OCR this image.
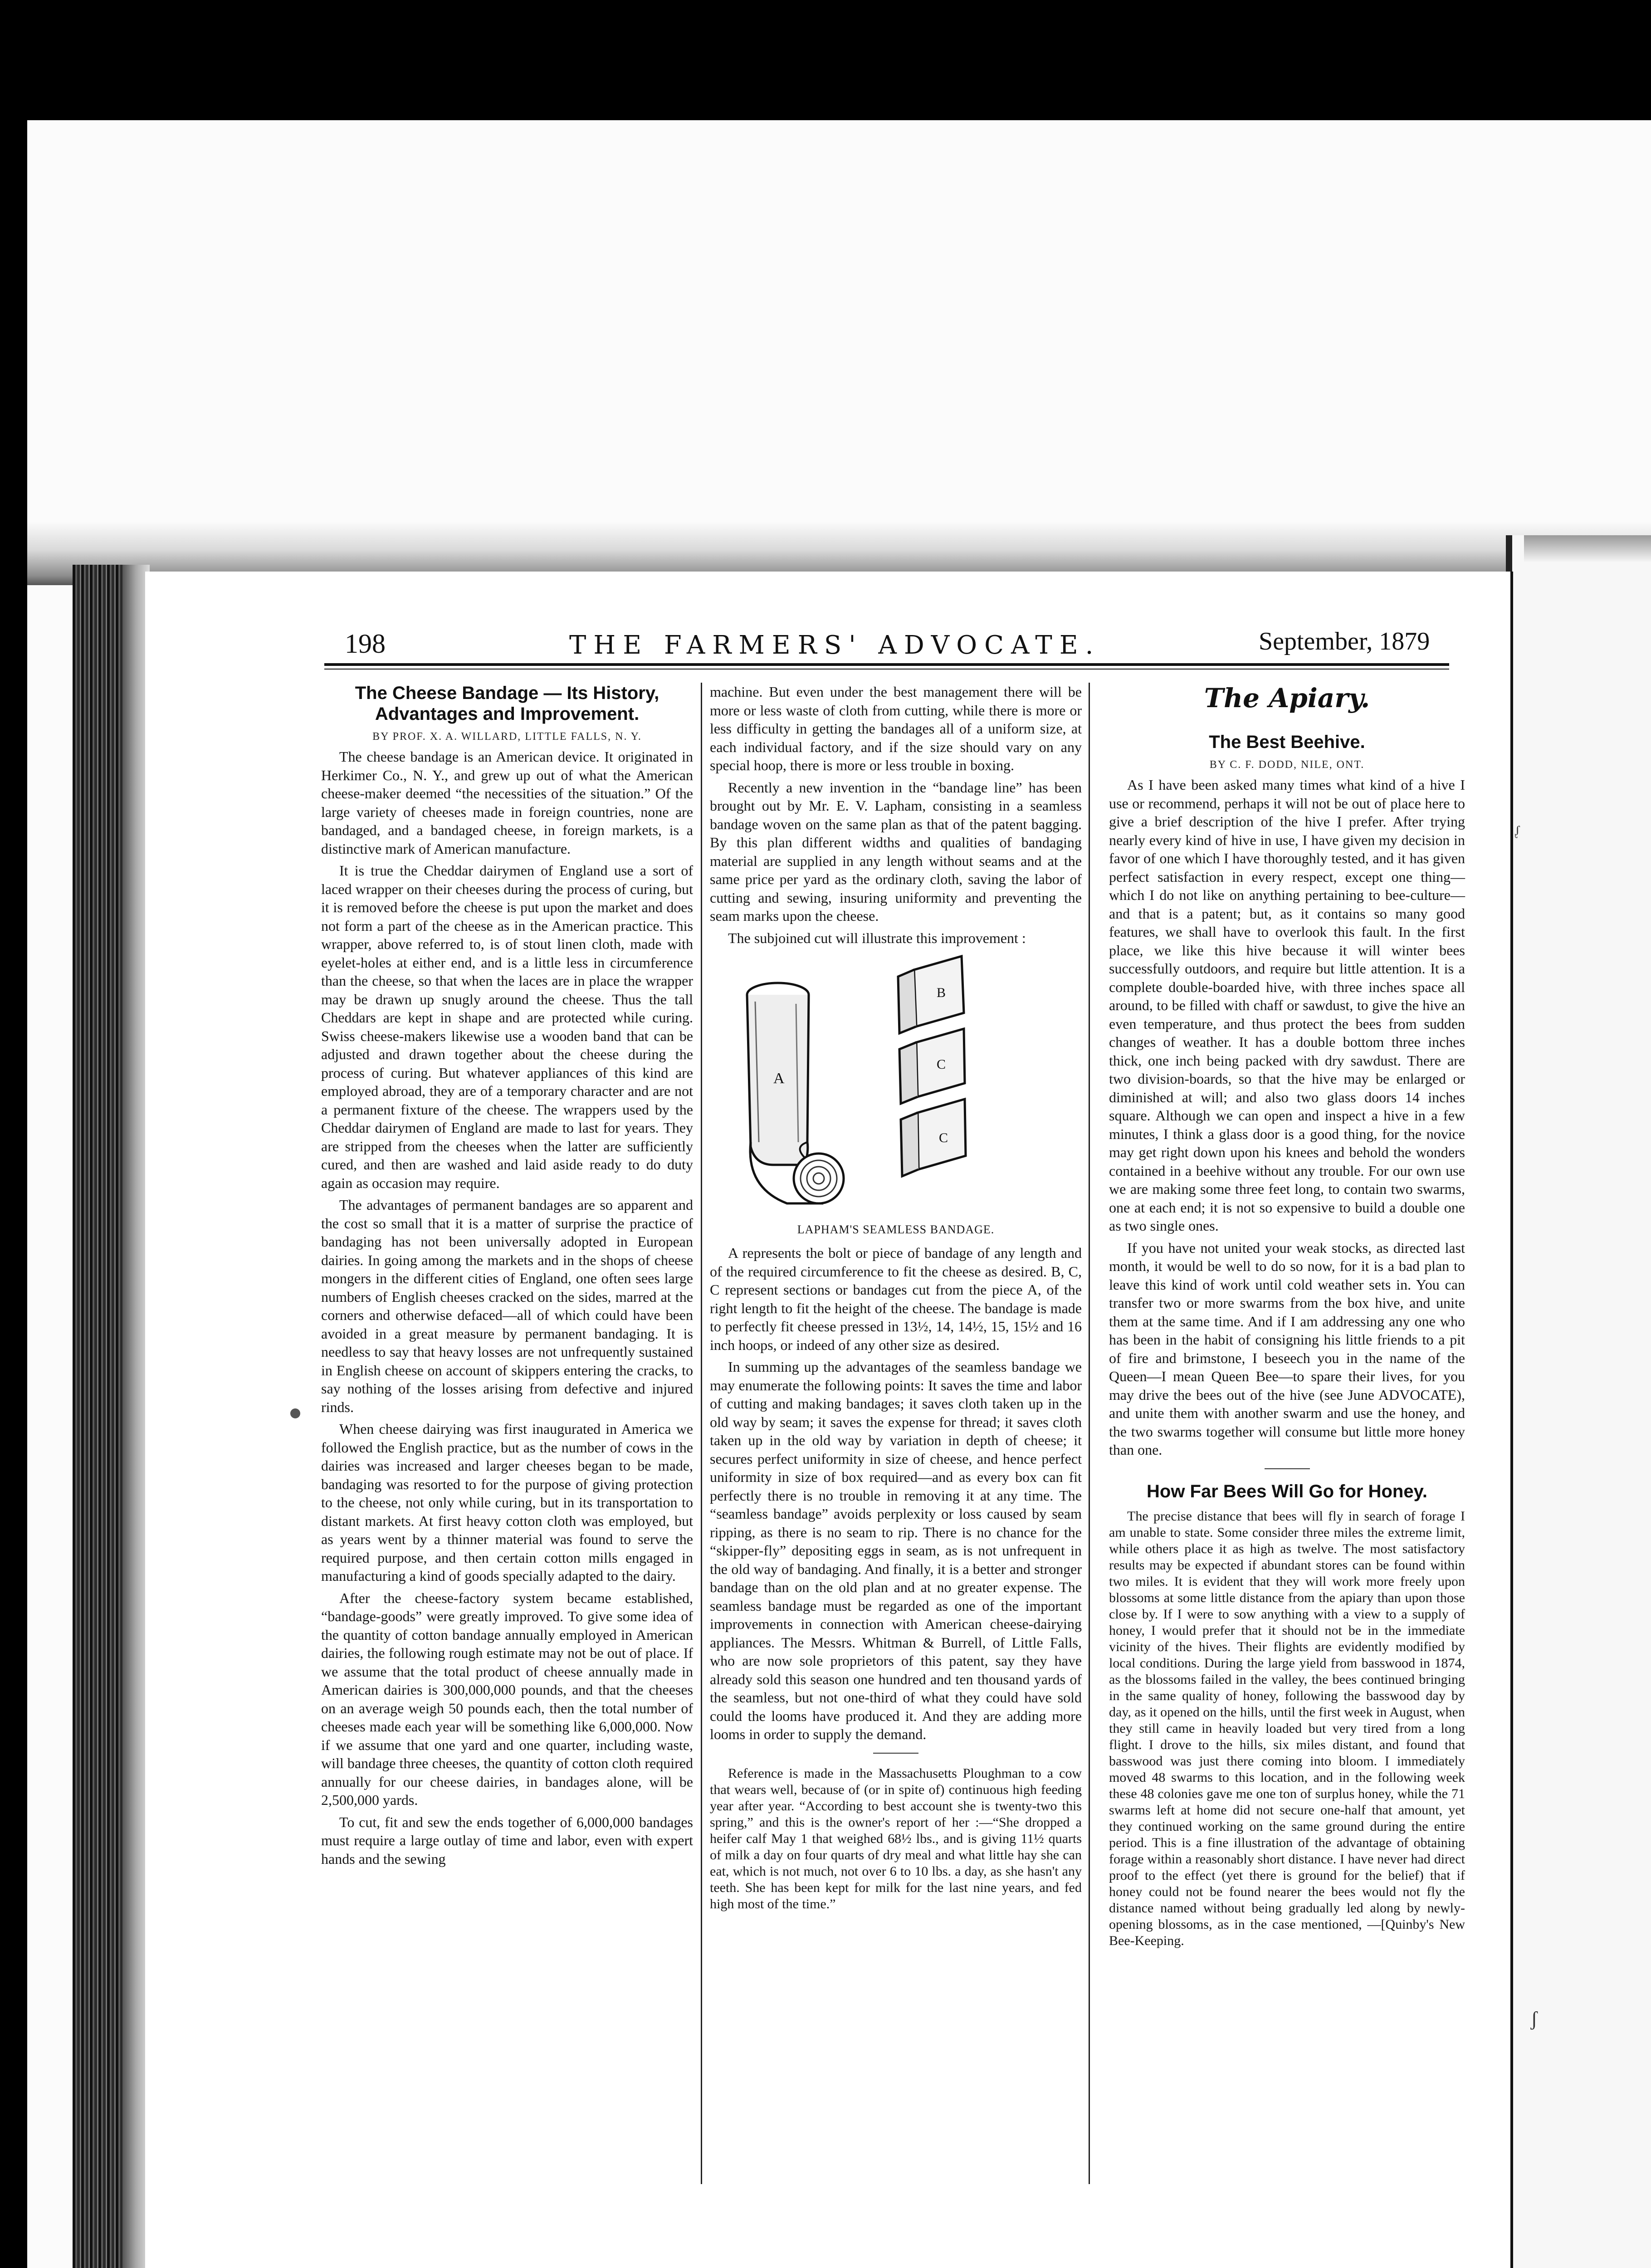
198	THE FARMERS' ADVOCATE.	September, 1879
The Cheese Bandage — Its History, Advantages and Improvement.
BY PROF. X. A. WILLARD, LITTLE FALLS, N. Y.

The cheese bandage is an American device. It originated in Herkimer Co., N. Y., and grew up out of what the American cheese-maker deemed “the necessities of the situation.” Of the large variety of cheeses made in foreign countries, none are bandaged, and a bandaged cheese, in foreign markets, is a distinctive mark of American manufacture.

It is true the Cheddar dairymen of England use a sort of laced wrapper on their cheeses during the process of curing, but it is removed before the cheese is put upon the market and does not form a part of the cheese as in the American practice. This wrapper, above referred to, is of stout linen cloth, made with eyelet-holes at either end, and is a little less in circumference than the cheese, so that when the laces are in place the wrapper may be drawn up snugly around the cheese. Thus the tall Cheddars are kept in shape and are protected while curing. Swiss cheese-makers likewise use a wooden band that can be adjusted and drawn together about the cheese during the process of curing. But whatever appliances of this kind are employed abroad, they are of a temporary character and are not a permanent fixture of the cheese. The wrappers used by the Cheddar dairymen of England are made to last for years. They are stripped from the cheeses when the latter are sufficiently cured, and then are washed and laid aside ready to do duty again as occasion may require.

The advantages of permanent bandages are so apparent and the cost so small that it is a matter of surprise the practice of bandaging has not been universally adopted in European dairies. In going among the markets and in the shops of cheese mongers in the different cities of England, one often sees large numbers of English cheeses cracked on the sides, marred at the corners and otherwise defaced—all of which could have been avoided in a great measure by permanent bandaging. It is needless to say that heavy losses are not unfrequently sustained in English cheese on account of skippers entering the cracks, to say nothing of the losses arising from defective and injured rinds.

When cheese dairying was first inaugurated in America we followed the English practice, but as the number of cows in the dairies was increased and larger cheeses began to be made, bandaging was resorted to for the purpose of giving protection to the cheese, not only while curing, but in its transportation to distant markets. At first heavy cotton cloth was employed, but as years went by a thinner material was found to serve the required purpose, and then certain cotton mills engaged in manufacturing a kind of goods specially adapted to the dairy.

After the cheese-factory system became established, “bandage-goods” were greatly improved. To give some idea of the quantity of cotton bandage annually employed in American dairies, the following rough estimate may not be out of place. If we assume that the total product of cheese annually made in American dairies is 300,000,000 pounds, and that the cheeses on an average weigh 50 pounds each, then the total number of cheeses made each year will be something like 6,000,000. Now if we assume that one yard and one quarter, including waste, will bandage three cheeses, the quantity of cotton cloth required annually for our cheese dairies, in bandages alone, will be 2,500,000 yards.

To cut, fit and sew the ends together of 6,000,000 bandages must require a large outlay of time and labor, even with expert hands and the sewing

machine. But even under the best management there will be more or less waste of cloth from cutting, while there is more or less difficulty in getting the bandages all of a uniform size, at each individual factory, and if the size should vary on any special hoop, there is more or less trouble in boxing.

Recently a new invention in the “bandage line” has been brought out by Mr. E. V. Lapham, consisting in a seamless bandage woven on the same plan as that of the patent bagging. By this plan different widths and qualities of bandaging material are supplied in any length without seams and at the same price per yard as the ordinary cloth, saving the labor of cutting and sewing, insuring uniformity and preventing the seam marks upon the cheese.

The subjoined cut will illustrate this improvement :

A
B
C
C
LAPHAM'S SEAMLESS BANDAGE.

A represents the bolt or piece of bandage of any length and of the required circumference to fit the cheese as desired. B, C, C represent sections or bandages cut from the piece A, of the right length to fit the height of the cheese. The bandage is made to perfectly fit cheese pressed in 13½, 14, 14½, 15, 15½ and 16 inch hoops, or indeed of any other size as desired.

In summing up the advantages of the seamless bandage we may enumerate the following points: It saves the time and labor of cutting and making bandages; it saves cloth taken up in the old way by seam; it saves the expense for thread; it saves cloth taken up in the old way by variation in depth of cheese; it secures perfect uniformity in size of cheese, and hence perfect uniformity in size of box required—and as every box can fit perfectly there is no trouble in removing it at any time. The “seamless bandage” avoids perplexity or loss caused by seam ripping, as there is no seam to rip. There is no chance for the “skipper-fly” depositing eggs in seam, as is not unfrequent in the old way of bandaging. And finally, it is a better and stronger bandage than on the old plan and at no greater expense. The seamless bandage must be regarded as one of the important improvements in connection with American cheese-dairying appliances. The Messrs. Whitman & Burrell, of Little Falls, who are now sole proprietors of this patent, say they have already sold this season one hundred and ten thousand yards of the seamless, but not one-third of what they could have sold could the looms have produced it. And they are adding more looms in order to supply the demand.

Reference is made in the Massachusetts Ploughman to a cow that wears well, because of (or in spite of) continuous high feeding year after year. “According to best account she is twenty-two this spring,” and this is the owner's report of her :—“She dropped a heifer calf May 1 that weighed 68½ lbs., and is giving 11½ quarts of milk a day on four quarts of dry meal and what little hay she can eat, which is not much, not over 6 to 10 lbs. a day, as she hasn't any teeth. She has been kept for milk for the last nine years, and fed high most of the time.”

The Apiary.
The Best Beehive.
BY C. F. DODD, NILE, ONT.

As I have been asked many times what kind of a hive I use or recommend, perhaps it will not be out of place here to give a brief description of the hive I prefer. After trying nearly every kind of hive in use, I have given my decision in favor of one which I have thoroughly tested, and it has given perfect satisfaction in every respect, except one thing—which I do not like on anything pertaining to bee-culture—and that is a patent; but, as it contains so many good features, we shall have to overlook this fault. In the first place, we like this hive because it will winter bees successfully outdoors, and require but little attention. It is a complete double-boarded hive, with three inches space all around, to be filled with chaff or sawdust, to give the hive an even temperature, and thus protect the bees from sudden changes of weather. It has a double bottom three inches thick, one inch being packed with dry sawdust. There are two division-boards, so that the hive may be enlarged or diminished at will; and also two glass doors 14 inches square. Although we can open and inspect a hive in a few minutes, I think a glass door is a good thing, for the novice may get right down upon his knees and behold the wonders contained in a beehive without any trouble. For our own use we are making some three feet long, to contain two swarms, one at each end; it is not so expensive to build a double one as two single ones.

If you have not united your weak stocks, as directed last month, it would be well to do so now, for it is a bad plan to leave this kind of work until cold weather sets in. You can transfer two or more swarms from the box hive, and unite them at the same time. And if I am addressing any one who has been in the habit of consigning his little friends to a pit of fire and brimstone, I beseech you in the name of the Queen—I mean Queen Bee—to spare their lives, for you may drive the bees out of the hive (see June ADVOCATE), and unite them with another swarm and use the honey, and the two swarms together will consume but little more honey than one.

How Far Bees Will Go for Honey.

The precise distance that bees will fly in search of forage I am unable to state. Some consider three miles the extreme limit, while others place it as high as twelve. The most satisfactory results may be expected if abundant stores can be found within two miles. It is evident that they will work more freely upon blossoms at some little distance from the apiary than upon those close by. If I were to sow anything with a view to a supply of honey, I would prefer that it should not be in the immediate vicinity of the hives. Their flights are evidently modified by local conditions. During the large yield from basswood in 1874, as the blossoms failed in the valley, the bees continued bringing in the same quality of honey, following the basswood day by day, as it opened on the hills, until the first week in August, when they still came in heavily loaded but very tired from a long flight. I drove to the hills, six miles distant, and found that basswood was just there coming into bloom. I immediately moved 48 swarms to this location, and in the following week these 48 colonies gave me one ton of surplus honey, while the 71 swarms left at home did not secure one-half that amount, yet they continued working on the same ground during the entire period. This is a fine illustration of the advantage of obtaining forage within a reasonably short distance. I have never had direct proof to the effect (yet there is ground for the belief) that if honey could not be found nearer the bees would not fly the distance named without being gradually led along by newly-opening blossoms, as in the case mentioned, —[Quinby's New Bee-Keeping.

ᶘ
ʃ
